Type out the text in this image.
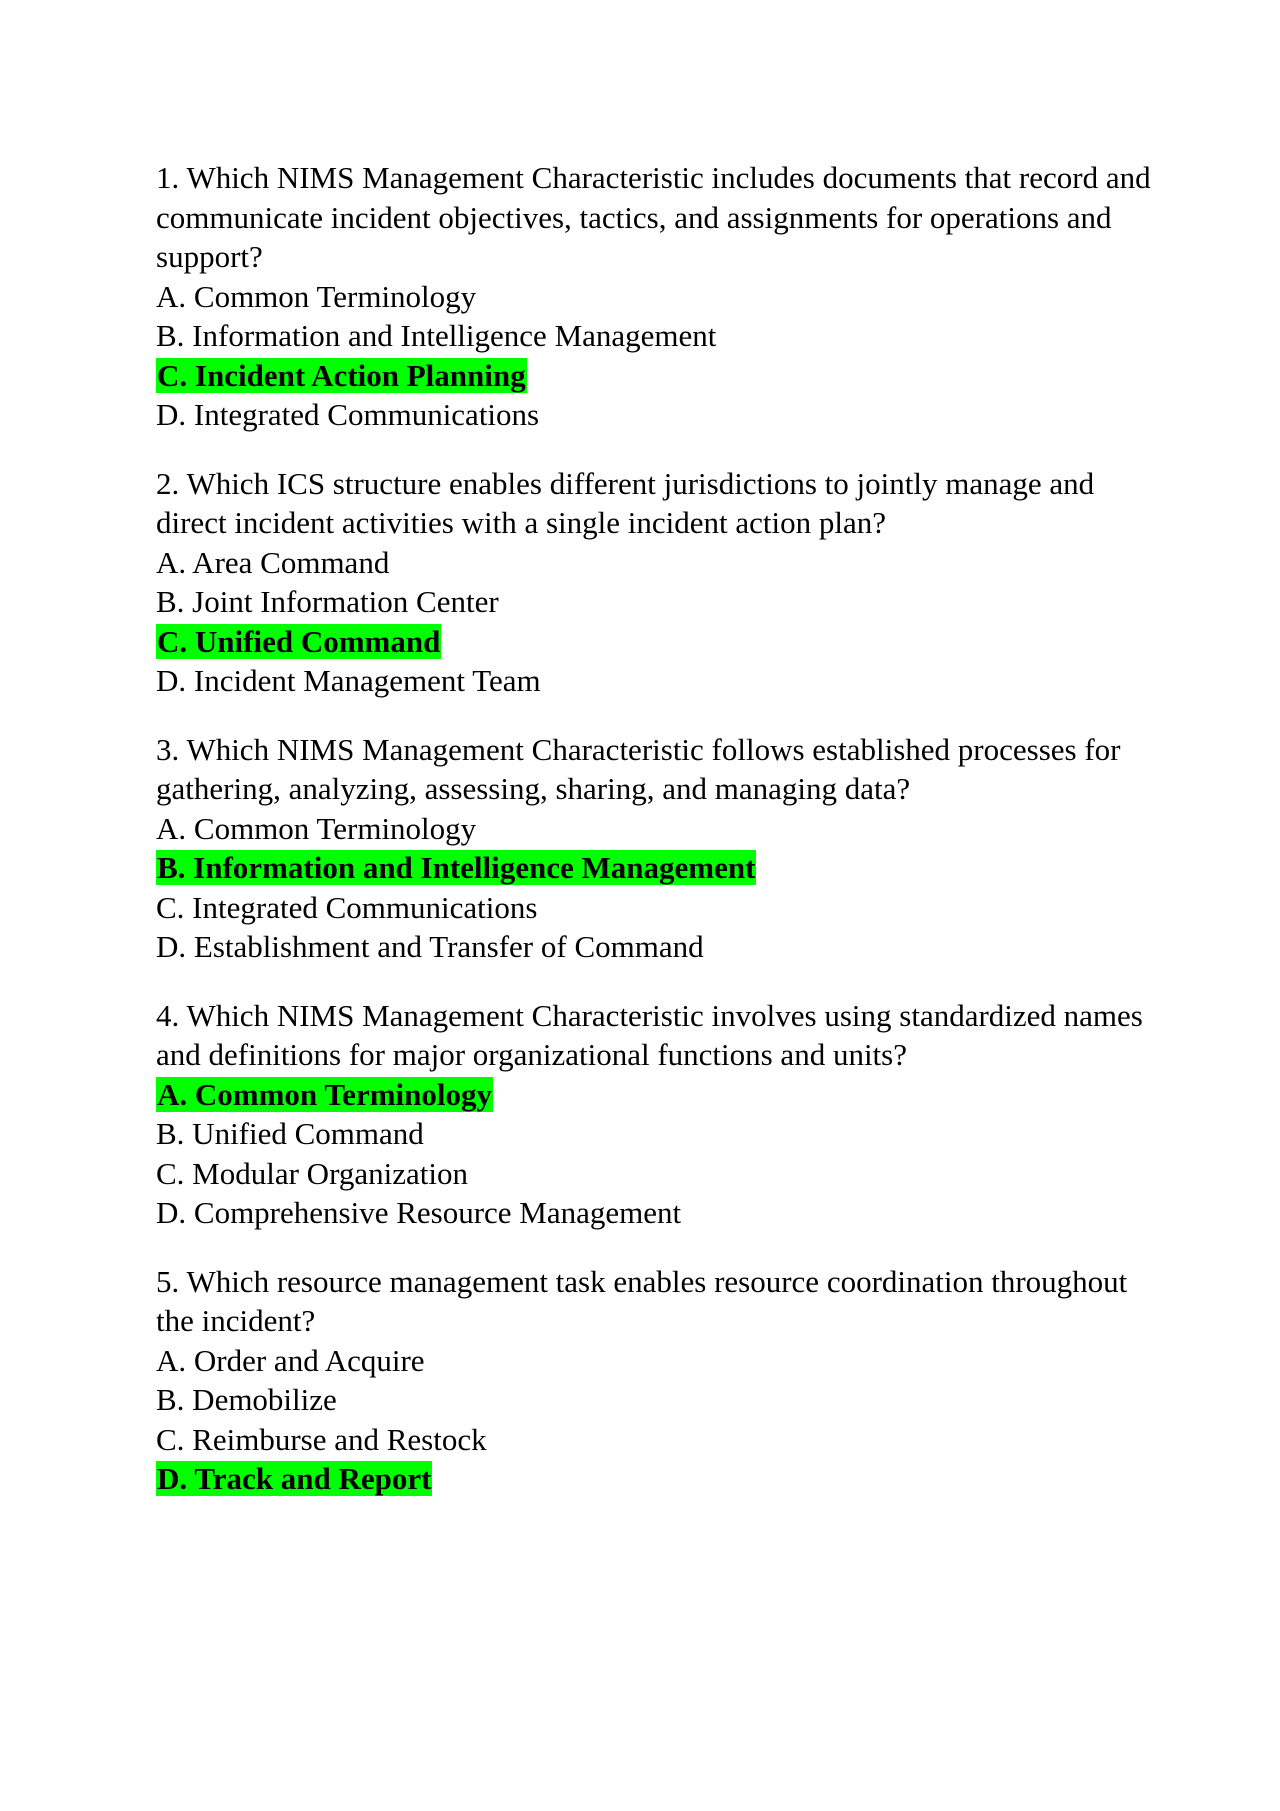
1. Which NIMS Management Characteristic includes documents that record and communicate incident objectives, tactics, and assignments for operations and support?
A. Common Terminology
B. Information and Intelligence Management
C. Incident Action Planning
D. Integrated Communications
2. Which ICS structure enables different jurisdictions to jointly manage and direct incident activities with a single incident action plan?
A. Area Command
B. Joint Information Center
C. Unified Command
D. Incident Management Team
3. Which NIMS Management Characteristic follows established processes for gathering, analyzing, assessing, sharing, and managing data?
A. Common Terminology
B. Information and Intelligence Management
C. Integrated Communications
D. Establishment and Transfer of Command
4. Which NIMS Management Characteristic involves using standardized names and definitions for major organizational functions and units?
A. Common Terminology
B. Unified Command
C. Modular Organization
D. Comprehensive Resource Management
5. Which resource management task enables resource coordination throughout the incident?
A. Order and Acquire
B. Demobilize
C. Reimburse and Restock
D. Track and Report
